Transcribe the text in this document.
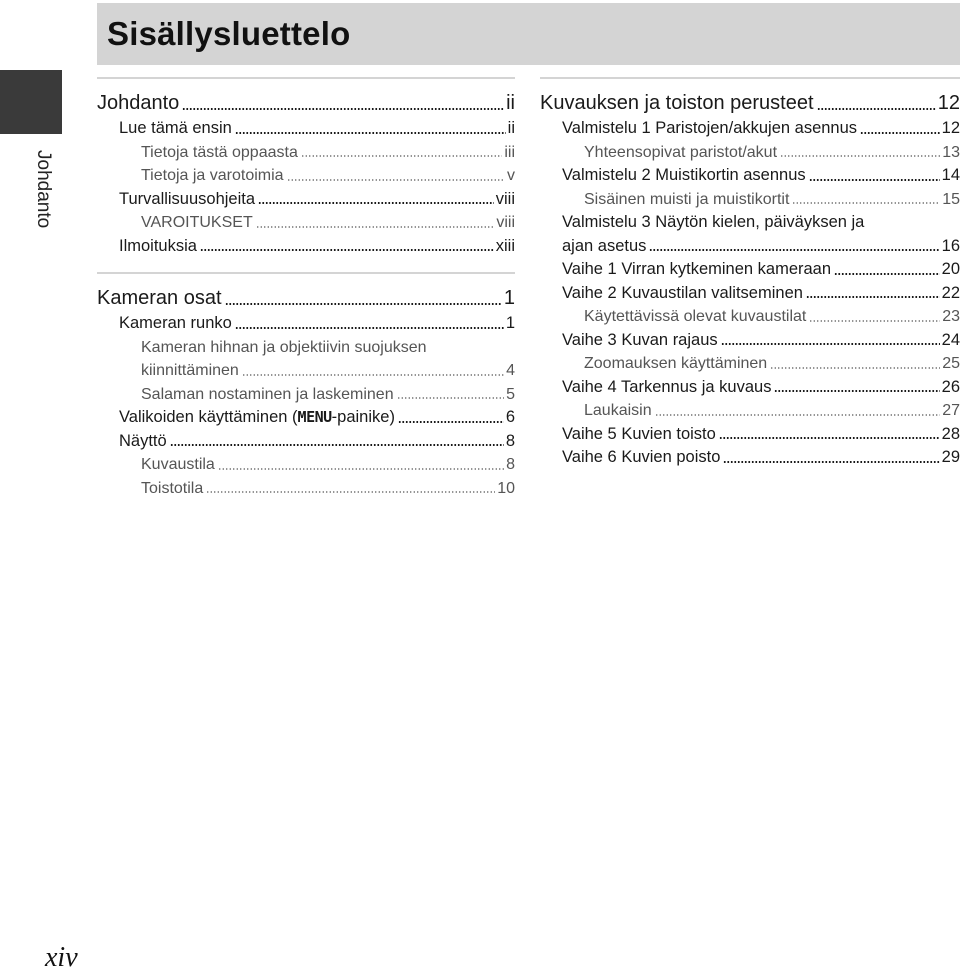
Sisällysluettelo
Johdanto
Johdanto	ii
Lue tämä ensin	ii
Tietoja tästä oppaasta	iii
Tietoja ja varotoimia	v
Turvallisuusohjeita	viii
VAROITUKSET	viii
Ilmoituksia	xiii
Kameran osat	1
Kameran runko	1
Kameran hihnan ja objektiivin suojuksen
kiinnittäminen	4
Salaman nostaminen ja laskeminen	5
Valikoiden käyttäminen (MENU-painike)	6
Näyttö	8
Kuvaustila	8
Toistotila	10
Kuvauksen ja toiston perusteet	12
Valmistelu 1 Paristojen/akkujen asennus	12
Yhteensopivat paristot/akut	13
Valmistelu 2 Muistikortin asennus	14
Sisäinen muisti ja muistikortit	15
Valmistelu 3 Näytön kielen, päiväyksen ja
ajan asetus	16
Vaihe 1 Virran kytkeminen kameraan	20
Vaihe 2 Kuvaustilan valitseminen	22
Käytettävissä olevat kuvaustilat	23
Vaihe 3 Kuvan rajaus	24
Zoomauksen käyttäminen	25
Vaihe 4 Tarkennus ja kuvaus	26
Laukaisin	27
Vaihe 5 Kuvien toisto	28
Vaihe 6 Kuvien poisto	29
xiv
